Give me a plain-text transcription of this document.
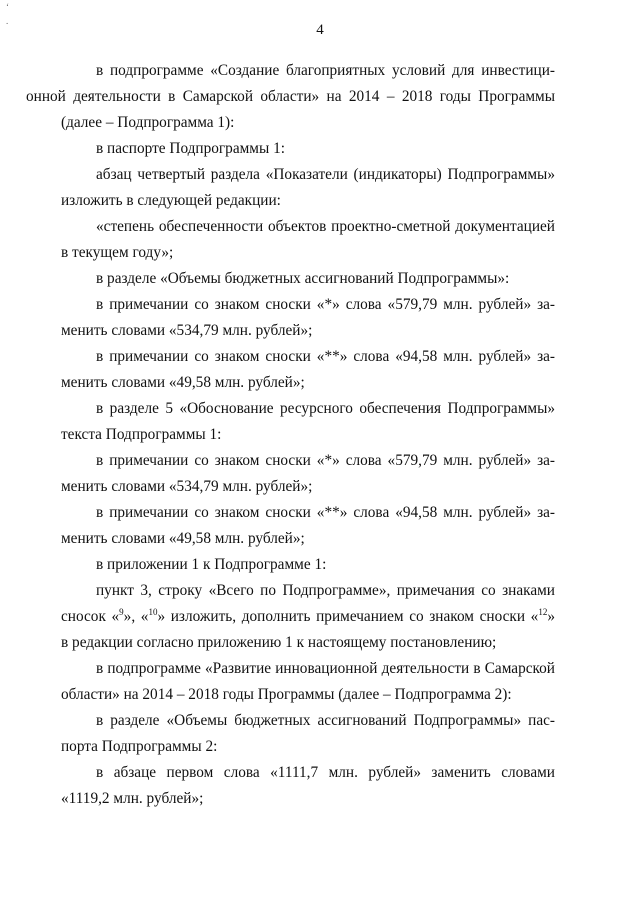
ʻ
.
4

в подпрограмме «Создание благоприятных условий для инвестици-
онной деятельности в Самарской области» на 2014 – 2018 годы Программы
(далее – Подпрограмма 1):

в паспорте Подпрограммы 1:

абзац четвертый раздела «Показатели (индикаторы) Подпрограммы»
изложить в следующей редакции:

«степень обеспеченности объектов проектно-сметной документацией
в текущем году»;

в разделе «Объемы бюджетных ассигнований Подпрограммы»:

в примечании со знаком сноски «*» слова «579,79 млн. рублей» за-
менить словами «534,79 млн. рублей»;

в примечании со знаком сноски «**» слова «94,58 млн. рублей» за-
менить словами «49,58 млн. рублей»;

в разделе 5 «Обоснование ресурсного обеспечения Подпрограммы»
текста Подпрограммы 1:

в примечании со знаком сноски «*» слова «579,79 млн. рублей» за-
менить словами «534,79 млн. рублей»;

в примечании со знаком сноски «**» слова «94,58 млн. рублей» за-
менить словами «49,58 млн. рублей»;

в приложении 1 к Подпрограмме 1:

пункт 3, строку «Всего по Подпрограмме», примечания со знаками
сносок «$^9$», «$^{10}$» изложить, дополнить примечанием со знаком сноски «$^{12}$»
в редакции согласно приложению 1 к настоящему постановлению;

в подпрограмме «Развитие инновационной деятельности в Самарской
области» на 2014 – 2018 годы Программы (далее – Подпрограмма 2):

в разделе «Объемы бюджетных ассигнований Подпрограммы» пас-
порта Подпрограммы 2:

в абзаце первом слова «1111,7 млн. рублей» заменить словами
«1119,2 млн. рублей»;
